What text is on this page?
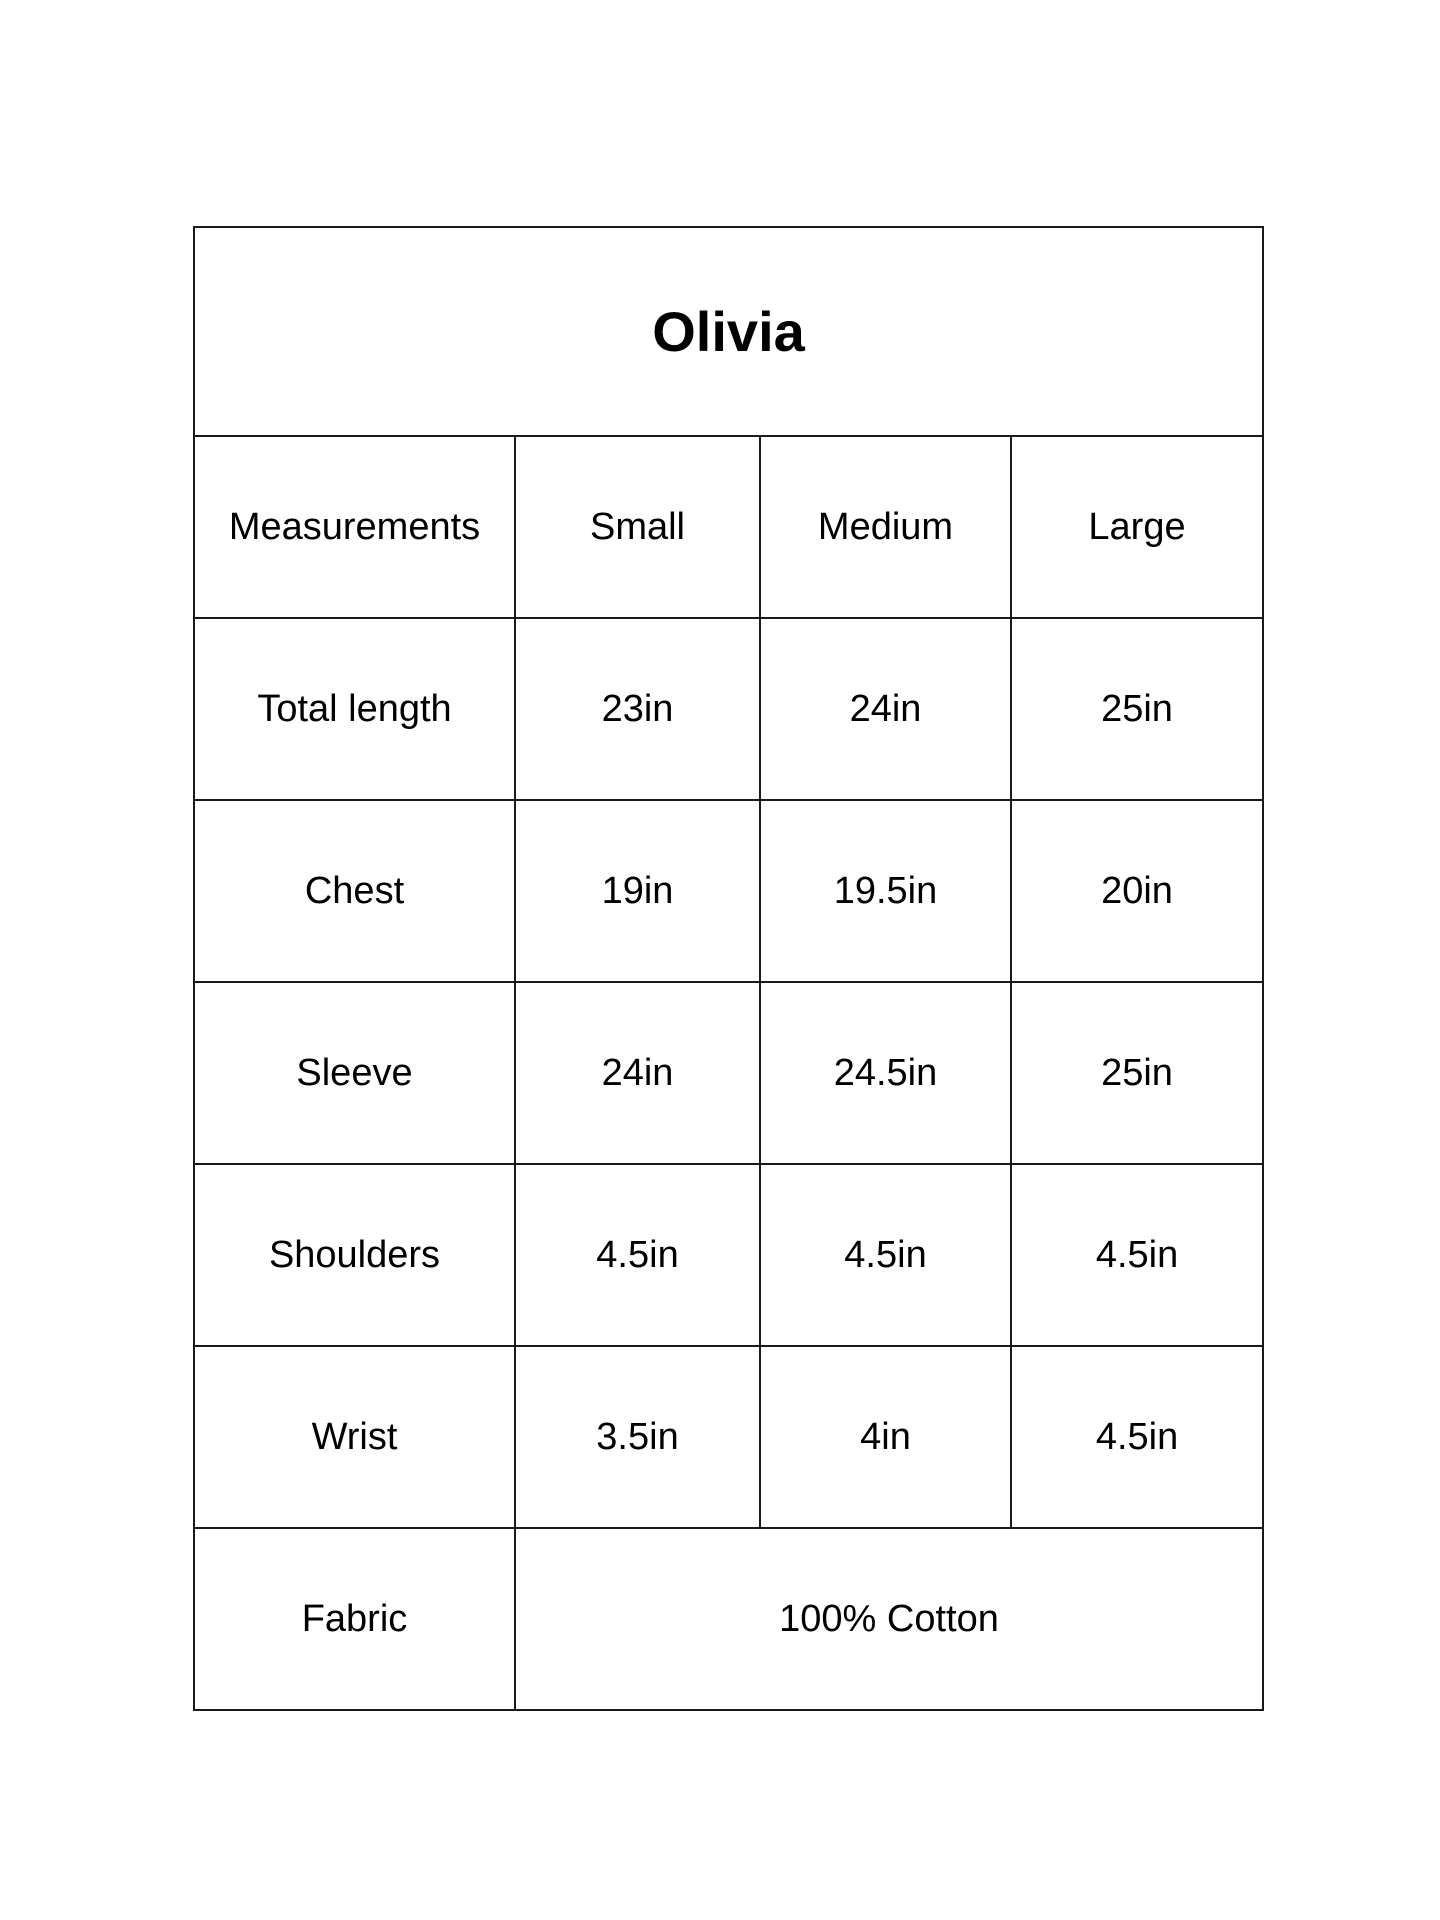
Olivia			
Measurements	Small	Medium	Large
Total length	23in	24in	25in
Chest	19in	19.5in	20in
Sleeve	24in	24.5in	25in
Shoulders	4.5in	4.5in	4.5in
Wrist	3.5in	4in	4.5in
Fabric	100% Cotton		
